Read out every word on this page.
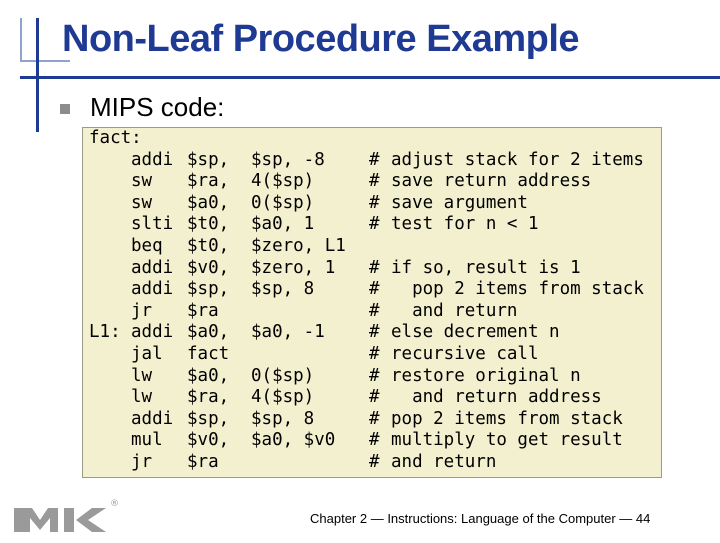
Non-Leaf Procedure Example
MIPS code:
fact:
addi $sp, $sp, -8	# adjust stack for 2 items
sw $ra, 4($sp)	# save return address
sw $a0, 0($sp)	# save argument
slti $t0, $a0, 1	# test for n < 1
beq $t0, $zero, L1
addi $v0, $zero, 1 # if so, result is 1
addi $sp, $sp, 8	# pop 2 items from stack
jr $ra	# and return
L1: addi $a0, $a0, -1	# else decrement n
jal fact	# recursive call
lw $a0, 0($sp)	# restore original n
lw $ra, 4($sp)	# and return address
addi $sp, $sp, 8	# pop 2 items from stack
mul $v0, $a0, $v0 # multiply to get result
jr $ra	# and return
®
Chapter 2 — Instructions: Language of the Computer — 44
